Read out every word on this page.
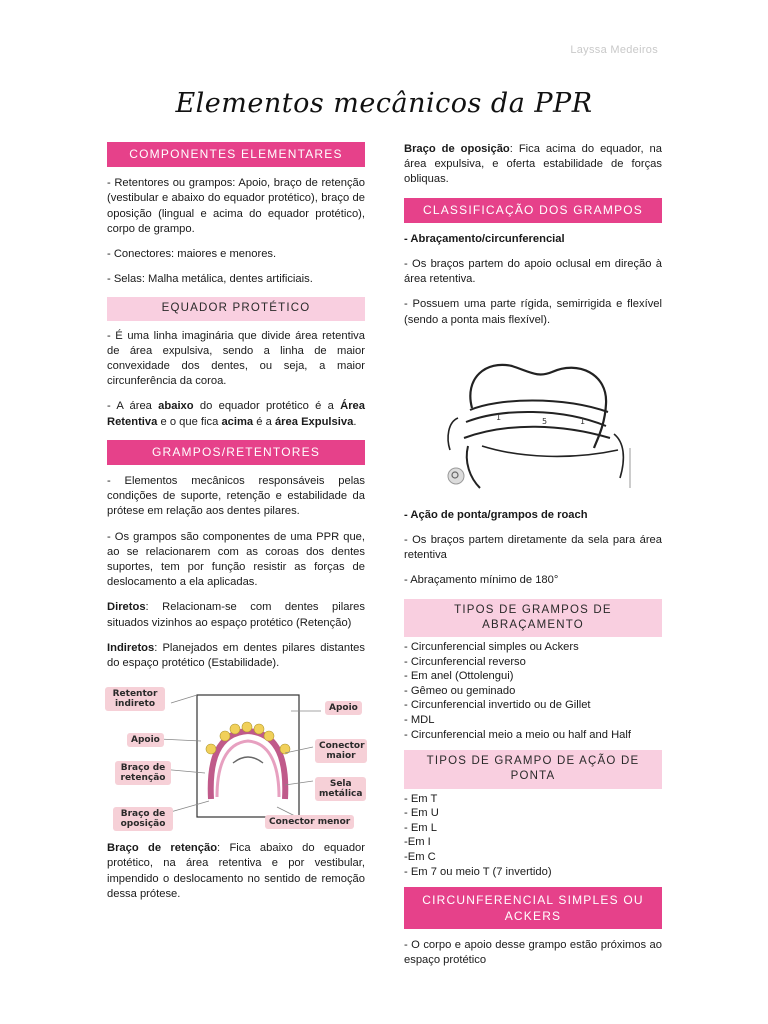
Layssa Medeiros
Elementos mecânicos da PPR
COMPONENTES ELEMENTARES
- Retentores ou grampos: Apoio, braço de retenção (vestibular e abaixo do equador protético), braço de oposição (lingual e acima do equador protético), corpo de grampo.
- Conectores: maiores e menores.
- Selas: Malha metálica, dentes artificiais.
EQUADOR PROTÉTICO
- É uma linha imaginária que divide área retentiva de área expulsiva, sendo a linha de maior convexidade dos dentes, ou seja, a maior circunferência da coroa.
- A área abaixo do equador protético é a Área Retentiva e o que fica acima é a área Expulsiva.
GRAMPOS/RETENTORES
- Elementos mecânicos responsáveis pelas condições de suporte, retenção e estabilidade da prótese em relação aos dentes pilares.
- Os grampos são componentes de uma PPR que, ao se relacionarem com as coroas dos dentes suportes, tem por função resistir as forças de deslocamento a ela aplicadas.
Diretos: Relacionam-se com dentes pilares situados vizinhos ao espaço protético (Retenção)
Indiretos: Planejados em dentes pilares distantes do espaço protético (Estabilidade).
Retentor indireto
Apoio
Braço de retenção
Braço de oposição
Apoio
Conector maior
Sela metálica
Conector menor
Braço de retenção: Fica abaixo do equador protético, na área retentiva e por vestibular, impendido o deslocamento no sentido de remoção dessa prótese.
Braço de oposição: Fica acima do equador, na área expulsiva, e oferta estabilidade de forças obliquas.
CLASSIFICAÇÃO DOS GRAMPOS
- Abraçamento/circunferencial
- Os braços partem do apoio oclusal em direção à área retentiva.
- Possuem uma parte rígida, semirrigida e flexível (sendo a ponta mais flexível).
1	5	1
- Ação de ponta/grampos de roach
- Os braços partem diretamente da sela para área retentiva
- Abraçamento mínimo de 180°
TIPOS DE GRAMPOS DE ABRAÇAMENTO
- Circunferencial simples ou Ackers
- Circunferencial reverso
- Em anel (Ottolengui)
- Gêmeo ou geminado
- Circunferencial invertido ou de Gillet
- MDL
- Circunferencial meio a meio ou half and Half
TIPOS DE GRAMPO DE AÇÃO DE PONTA
- Em T
- Em U
- Em L
-Em I
-Em C
- Em 7 ou meio T (7 invertido)
CIRCUNFERENCIAL SIMPLES OU ACKERS
- O corpo e apoio desse grampo estão próximos ao espaço protético
